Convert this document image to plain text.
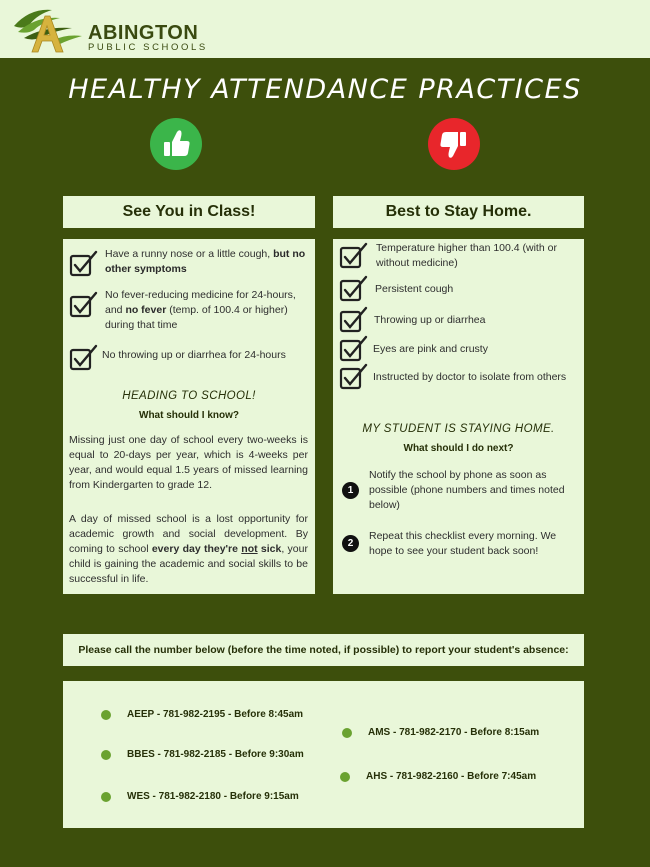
ABINGTON
PUBLIC SCHOOLS
HEALTHY ATTENDANCE PRACTICES
See You in Class!	Best to Stay Home.
Have a runny nose or a little cough, but no other symptoms
No fever-reducing medicine for 24-hours, and no fever (temp. of 100.4 or higher) during that time
No throwing up or diarrhea for 24-hours
HEADING TO SCHOOL!
What should I know?
Missing just one day of school every two-weeks is equal to 20-days per year, which is 4-weeks per year, and would equal 1.5 years of missed learning from Kindergarten to grade 12.
A day of missed school is a lost opportunity for academic growth and social development. By coming to school every day they're not sick, your child is gaining the academic and social skills to be successful in life.
Temperature higher than 100.4 (with or without medicine)
Persistent cough
Throwing up or diarrhea
Eyes are pink and crusty
Instructed by doctor to isolate from others
MY STUDENT IS STAYING HOME.
What should I do next?
1
Notify the school by phone as soon as possible (phone numbers and times noted below)
2
Repeat this checklist every morning. We hope to see your student back soon!
Please call the number below (before the time noted, if possible) to report your student's absence:
AEEP - 781-982-2195 - Before 8:45am
BBES - 781-982-2185 - Before 9:30am
WES - 781-982-2180 - Before 9:15am
AMS - 781-982-2170 - Before 8:15am
AHS - 781-982-2160 - Before 7:45am
